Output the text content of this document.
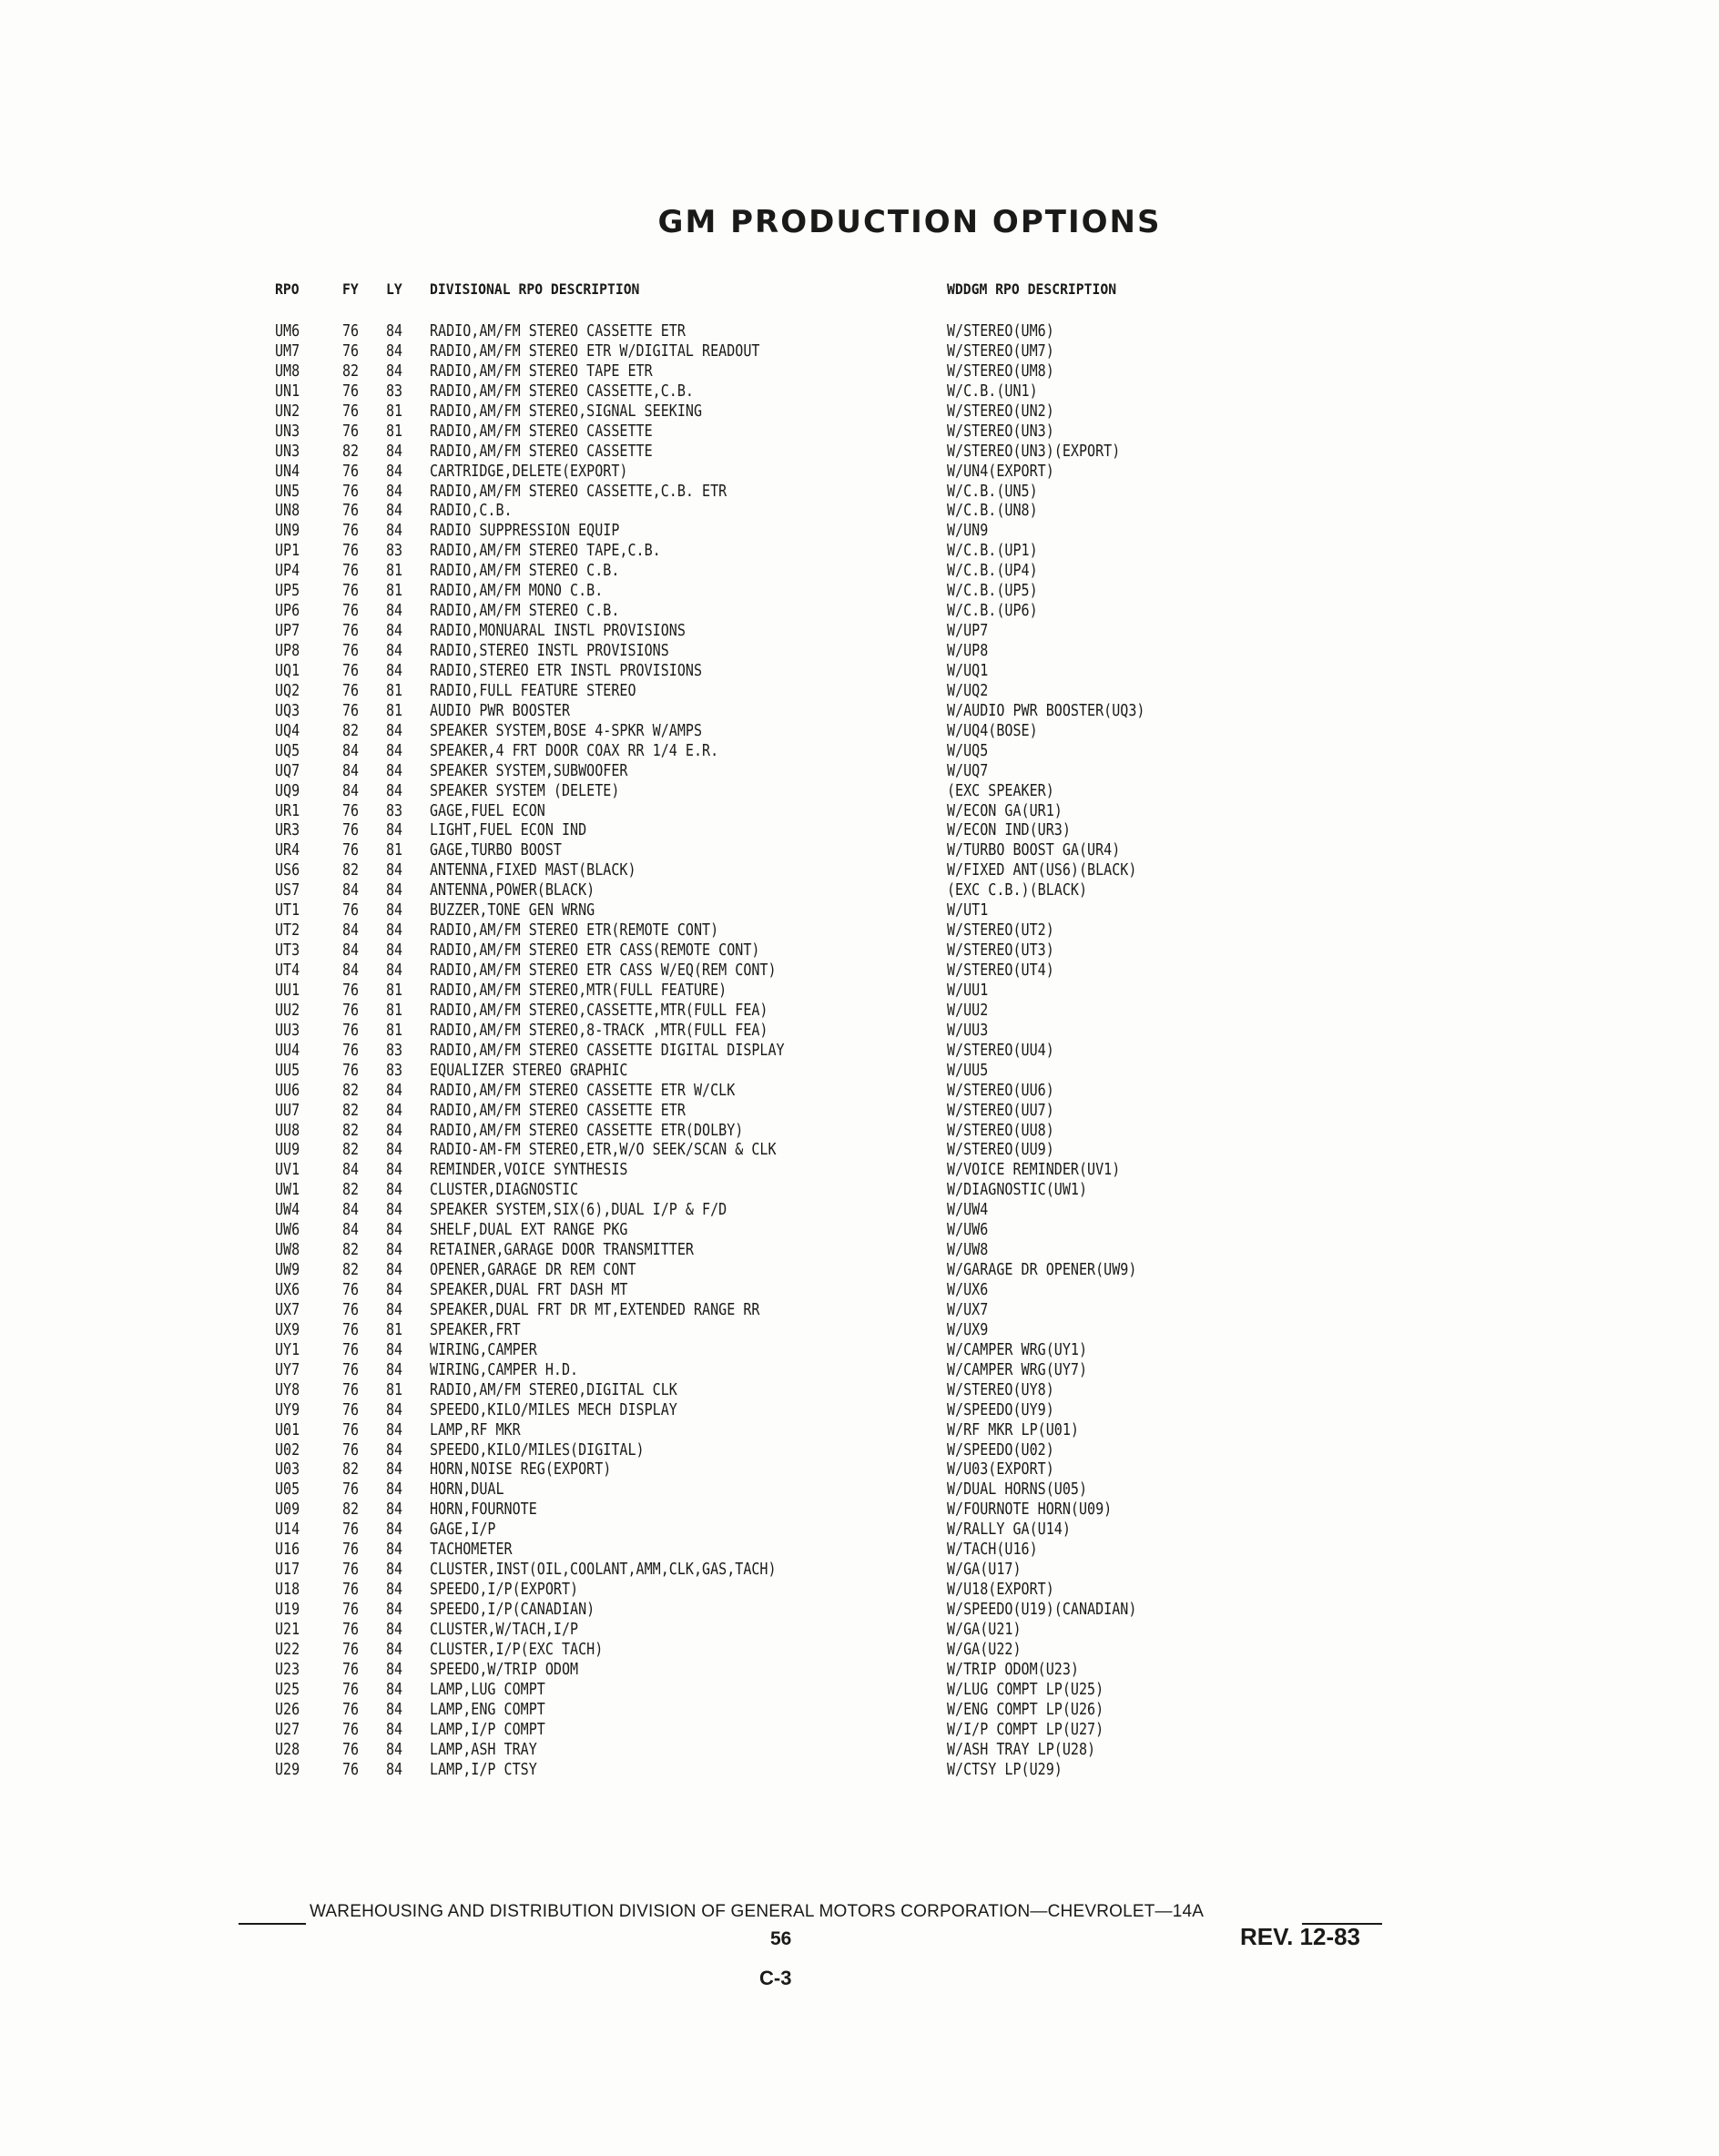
GM PRODUCTION OPTIONS
RPO	FY LY DIVISIONAL RPO DESCRIPTION	WDDGM RPO DESCRIPTION
UM6	76 84 RADIO,AM/FM STEREO CASSETTE ETR	W/STEREO(UM6)
UM7	76 84 RADIO,AM/FM STEREO ETR W/DIGITAL READOUT	W/STEREO(UM7)
UM8	82 84 RADIO,AM/FM STEREO TAPE ETR	W/STEREO(UM8)
UN1	76 83 RADIO,AM/FM STEREO CASSETTE,C.B.	W/C.B.(UN1)
UN2	76 81 RADIO,AM/FM STEREO,SIGNAL SEEKING	W/STEREO(UN2)
UN3	76 81 RADIO,AM/FM STEREO CASSETTE	W/STEREO(UN3)
UN3	82 84 RADIO,AM/FM STEREO CASSETTE	W/STEREO(UN3)(EXPORT)
UN4	76 84 CARTRIDGE,DELETE(EXPORT)	W/UN4(EXPORT)
UN5	76 84 RADIO,AM/FM STEREO CASSETTE,C.B. ETR	W/C.B.(UN5)
UN8	76 84 RADIO,C.B.	W/C.B.(UN8)
UN9	76 84 RADIO SUPPRESSION EQUIP	W/UN9
UP1	76 83 RADIO,AM/FM STEREO TAPE,C.B.	W/C.B.(UP1)
UP4	76 81 RADIO,AM/FM STEREO C.B.	W/C.B.(UP4)
UP5	76 81 RADIO,AM/FM MONO C.B.	W/C.B.(UP5)
UP6	76 84 RADIO,AM/FM STEREO C.B.	W/C.B.(UP6)
UP7	76 84 RADIO,MONUARAL INSTL PROVISIONS	W/UP7
UP8	76 84 RADIO,STEREO INSTL PROVISIONS	W/UP8
UQ1	76 84 RADIO,STEREO ETR INSTL PROVISIONS	W/UQ1
UQ2	76 81 RADIO,FULL FEATURE STEREO	W/UQ2
UQ3	76 81 AUDIO PWR BOOSTER	W/AUDIO PWR BOOSTER(UQ3)
UQ4	82 84 SPEAKER SYSTEM,BOSE 4-SPKR W/AMPS	W/UQ4(BOSE)
UQ5	84 84 SPEAKER,4 FRT DOOR COAX RR 1/4 E.R.	W/UQ5
UQ7	84 84 SPEAKER SYSTEM,SUBWOOFER	W/UQ7
UQ9	84 84 SPEAKER SYSTEM (DELETE)	(EXC SPEAKER)
UR1	76 83 GAGE,FUEL ECON	W/ECON GA(UR1)
UR3	76 84 LIGHT,FUEL ECON IND	W/ECON IND(UR3)
UR4	76 81 GAGE,TURBO BOOST	W/TURBO BOOST GA(UR4)
US6	82 84 ANTENNA,FIXED MAST(BLACK)	W/FIXED ANT(US6)(BLACK)
US7	84 84 ANTENNA,POWER(BLACK)	(EXC C.B.)(BLACK)
UT1	76 84 BUZZER,TONE GEN WRNG	W/UT1
UT2	84 84 RADIO,AM/FM STEREO ETR(REMOTE CONT)	W/STEREO(UT2)
UT3	84 84 RADIO,AM/FM STEREO ETR CASS(REMOTE CONT)	W/STEREO(UT3)
UT4	84 84 RADIO,AM/FM STEREO ETR CASS W/EQ(REM CONT)	W/STEREO(UT4)
UU1	76 81 RADIO,AM/FM STEREO,MTR(FULL FEATURE)	W/UU1
UU2	76 81 RADIO,AM/FM STEREO,CASSETTE,MTR(FULL FEA)	W/UU2
UU3	76 81 RADIO,AM/FM STEREO,8-TRACK ,MTR(FULL FEA)	W/UU3
UU4	76 83 RADIO,AM/FM STEREO CASSETTE DIGITAL DISPLAY	W/STEREO(UU4)
UU5	76 83 EQUALIZER STEREO GRAPHIC	W/UU5
UU6	82 84 RADIO,AM/FM STEREO CASSETTE ETR W/CLK	W/STEREO(UU6)
UU7	82 84 RADIO,AM/FM STEREO CASSETTE ETR	W/STEREO(UU7)
UU8	82 84 RADIO,AM/FM STEREO CASSETTE ETR(DOLBY)	W/STEREO(UU8)
UU9	82 84 RADIO-AM-FM STEREO,ETR,W/O SEEK/SCAN & CLK	W/STEREO(UU9)
UV1	84 84 REMINDER,VOICE SYNTHESIS	W/VOICE REMINDER(UV1)
UW1	82 84 CLUSTER,DIAGNOSTIC	W/DIAGNOSTIC(UW1)
UW4	84 84 SPEAKER SYSTEM,SIX(6),DUAL I/P & F/D	W/UW4
UW6	84 84 SHELF,DUAL EXT RANGE PKG	W/UW6
UW8	82 84 RETAINER,GARAGE DOOR TRANSMITTER	W/UW8
UW9	82 84 OPENER,GARAGE DR REM CONT	W/GARAGE DR OPENER(UW9)
UX6	76 84 SPEAKER,DUAL FRT DASH MT	W/UX6
UX7	76 84 SPEAKER,DUAL FRT DR MT,EXTENDED RANGE RR	W/UX7
UX9	76 81 SPEAKER,FRT	W/UX9
UY1	76 84 WIRING,CAMPER	W/CAMPER WRG(UY1)
UY7	76 84 WIRING,CAMPER H.D.	W/CAMPER WRG(UY7)
UY8	76 81 RADIO,AM/FM STEREO,DIGITAL CLK	W/STEREO(UY8)
UY9	76 84 SPEEDO,KILO/MILES MECH DISPLAY	W/SPEEDO(UY9)
U01	76 84 LAMP,RF MKR	W/RF MKR LP(U01)
U02	76 84 SPEEDO,KILO/MILES(DIGITAL)	W/SPEEDO(U02)
U03	82 84 HORN,NOISE REG(EXPORT)	W/U03(EXPORT)
U05	76 84 HORN,DUAL	W/DUAL HORNS(U05)
U09	82 84 HORN,FOURNOTE	W/FOURNOTE HORN(U09)
U14	76 84 GAGE,I/P	W/RALLY GA(U14)
U16	76 84 TACHOMETER	W/TACH(U16)
U17	76 84 CLUSTER,INST(OIL,COOLANT,AMM,CLK,GAS,TACH)	W/GA(U17)
U18	76 84 SPEEDO,I/P(EXPORT)	W/U18(EXPORT)
U19	76 84 SPEEDO,I/P(CANADIAN)	W/SPEEDO(U19)(CANADIAN)
U21	76 84 CLUSTER,W/TACH,I/P	W/GA(U21)
U22	76 84 CLUSTER,I/P(EXC TACH)	W/GA(U22)
U23	76 84 SPEEDO,W/TRIP ODOM	W/TRIP ODOM(U23)
U25	76 84 LAMP,LUG COMPT	W/LUG COMPT LP(U25)
U26	76 84 LAMP,ENG COMPT	W/ENG COMPT LP(U26)
U27	76 84 LAMP,I/P COMPT	W/I/P COMPT LP(U27)
U28	76 84 LAMP,ASH TRAY	W/ASH TRAY LP(U28)
U29	76 84 LAMP,I/P CTSY	W/CTSY LP(U29)
WAREHOUSING AND DISTRIBUTION DIVISION OF GENERAL MOTORS CORPORATION—CHEVROLET—14A
56	REV. 12-83
C-3
